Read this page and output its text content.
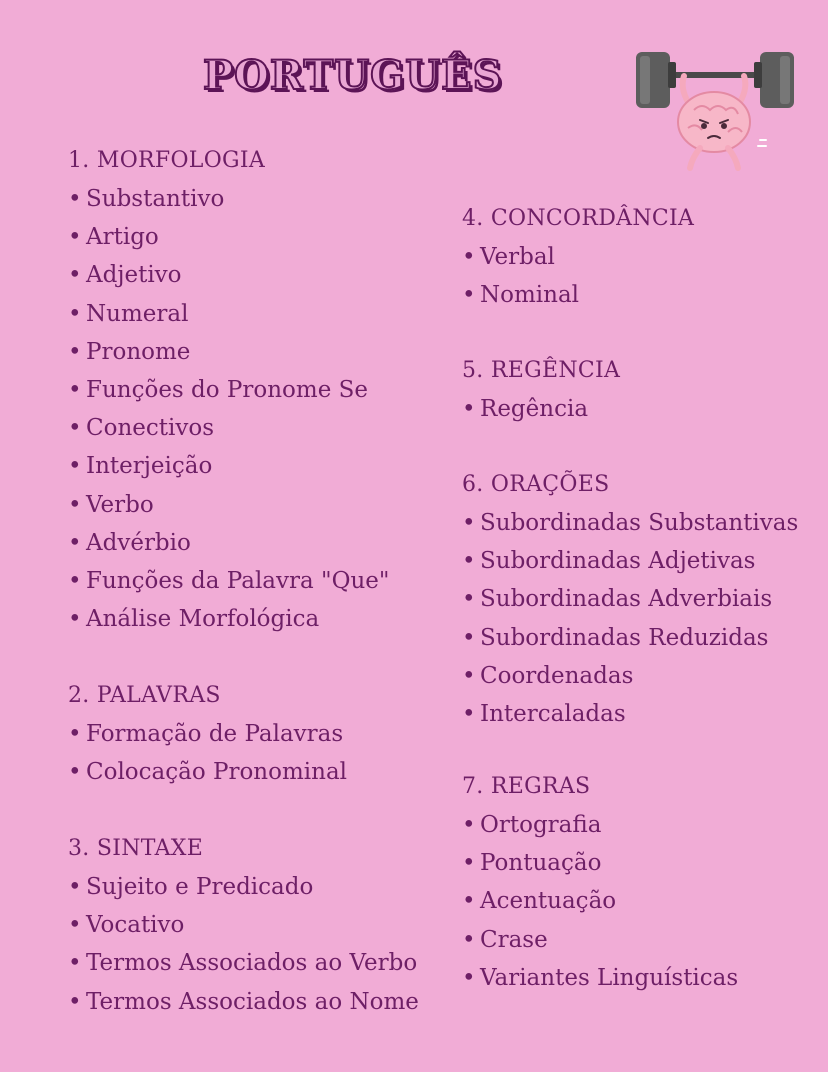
PORTUGUÊS
1. MORFOLOGIA
• Substantivo
• Artigo
• Adjetivo
• Numeral
• Pronome
• Funções do Pronome Se
• Conectivos
• Interjeição
• Verbo
• Advérbio
• Funções da Palavra "Que"
• Análise Morfológica
2. PALAVRAS
• Formação de Palavras
• Colocação Pronominal
3. SINTAXE
• Sujeito e Predicado
• Vocativo
• Termos Associados ao Verbo
• Termos Associados ao Nome
4. CONCORDÂNCIA
• Verbal
• Nominal
5. REGÊNCIA
• Regência
6. ORAÇÕES
• Subordinadas Substantivas
• Subordinadas Adjetivas
• Subordinadas Adverbiais
• Subordinadas Reduzidas
• Coordenadas
• Intercaladas
7. REGRAS
• Ortografia
• Pontuação
• Acentuação
• Crase
• Variantes Linguísticas
